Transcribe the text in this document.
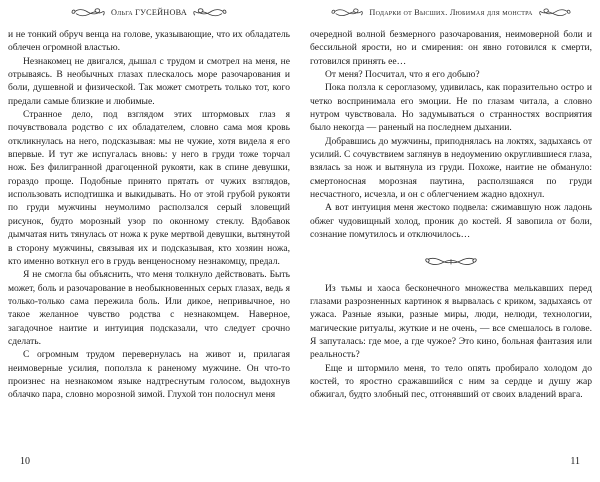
Ольга ГУСЕЙНОВА

и не тонкий обруч венца на голове, указывающие, что их обладатель облечен огромной властью.

Незнакомец не двигался, дышал с трудом и смотрел на меня, не отрываясь. В необычных глазах плескалось море разочарования и боли, душевной и физической. Так может смотреть только тот, кого предали самые близкие и любимые.

Странное дело, под взглядом этих штормовых глаз я почувствовала родство с их обладателем, словно сама моя кровь откликнулась на него, подсказывая: мы не чужие, хотя видела я его впервые. И тут же испугалась вновь: у него в груди тоже торчал нож. Без филигранной драгоценной рукояти, как в спине девушки, гораздо проще. Подобные принято прятать от чужих взглядов, использовать исподтишка и выкидывать. Но от этой грубой рукояти по груди мужчины неумолимо расползался серый зловещий рисунок, будто морозный узор по оконному стеклу. Вдобавок дымчатая нить тянулась от ножа к руке мертвой девушки, вытянутой в сторону мужчины, связывая их и подсказывая, кто хозяин ножа, кто именно воткнул его в грудь венценосному незнакомцу, предал.

Я не смогла бы объяснить, что меня толкнуло действовать. Быть может, боль и разочарование в необыкновенных серых глазах, ведь я только-только сама пережила боль. Или дикое, непривычное, но такое желанное чувство родства с незнакомцем. Наверное, загадочное наитие и интуиция подсказали, что следует срочно сделать.

С огромным трудом перевернулась на живот и, прилагая неимоверные усилия, поползла к раненому мужчине. Он что-то произнес на незнакомом языке надтреснутым голосом, выдохнув облачко пара, словно морозной зимой. Глухой тон полоснул меня

10
Подарки от Высших. Любимая для монстра

очередной волной безмерного разочарования, неимоверной боли и бессильной ярости, но и смирения: он явно готовился к смерти, готовился принять ее…

От меня? Посчитал, что я его добыю?

Пока ползла к сероглазому, удивилась, как поразительно остро и четко воспринимала его эмоции. Не по глазам читала, а словно нутром чувствовала. Но задумываться о странностях восприятия было некогда — раненый на последнем дыхании.

Добравшись до мужчины, приподнялась на локтях, задыхаясь от усилий. С сочувствием заглянув в недоумению округлившиеся глаза, взялась за нож и вытянула из груди. Похоже, наитие не обмануло: смертоносная морозная паутина, расползшаяся по груди несчастного, исчезла, и он с облегчением жадно вдохнул.

А вот интуиция меня жестоко подвела: сжимавшую нож ладонь обжег чудовищный холод, проник до костей. Я завопила от боли, сознание помутилось и отключилось…

Из тьмы и хаоса бесконечного множества мелькавших перед глазами разрозненных картинок я вырвалась с криком, задыхаясь от ужаса. Разные языки, разные миры, люди, нелюди, технологии, магические ритуалы, жуткие и не очень, — все смешалось в голове. Я запуталась: где мое, а где чужое? Это кино, больная фантазия или реальность?

Еще и штормило меня, то тело опять пробирало холодом до костей, то яростно сражавшийся с ним за сердце и душу жар обжигал, будто злобный пес, отгонявший от своих владений врага.

11
